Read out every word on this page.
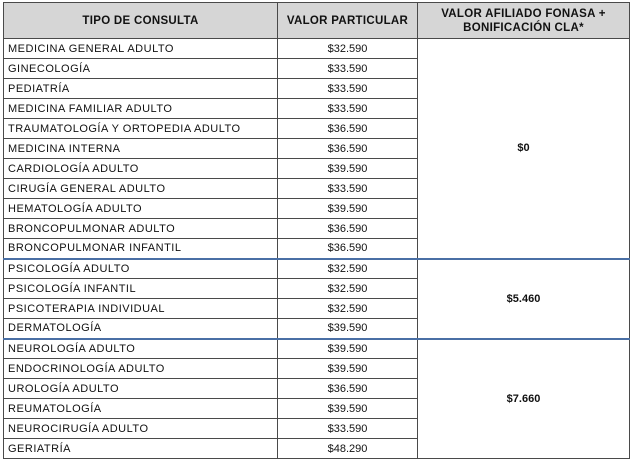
TIPO DE CONSULTA	VALOR PARTICULAR	VALOR AFILIADO FONASA +
BONIFICACIÓN CLA*
MEDICINA GENERAL ADULTO	$32.590	$0
GINECOLOGÍA	$33.590	
PEDIATRÍA	$33.590	
MEDICINA FAMILIAR ADULTO	$33.590	
TRAUMATOLOGÍA Y ORTOPEDIA ADULTO	$36.590	
MEDICINA INTERNA	$36.590	
CARDIOLOGÍA ADULTO	$39.590	
CIRUGÍA GENERAL ADULTO	$33.590	
HEMATOLOGÍA ADULTO	$39.590	
BRONCOPULMONAR ADULTO	$36.590	
BRONCOPULMONAR INFANTIL	$36.590	
PSICOLOGÍA ADULTO	$32.590	$5.460
PSICOLOGÍA INFANTIL	$32.590	
PSICOTERAPIA INDIVIDUAL	$32.590	
DERMATOLOGÍA	$39.590	
NEUROLOGÍA ADULTO	$39.590	$7.660
ENDOCRINOLOGÍA ADULTO	$39.590	
UROLOGÍA ADULTO	$36.590	
REUMATOLOGÍA	$39.590	
NEUROCIRUGÍA ADULTO	$33.590	
GERIATRÍA	$48.290	
